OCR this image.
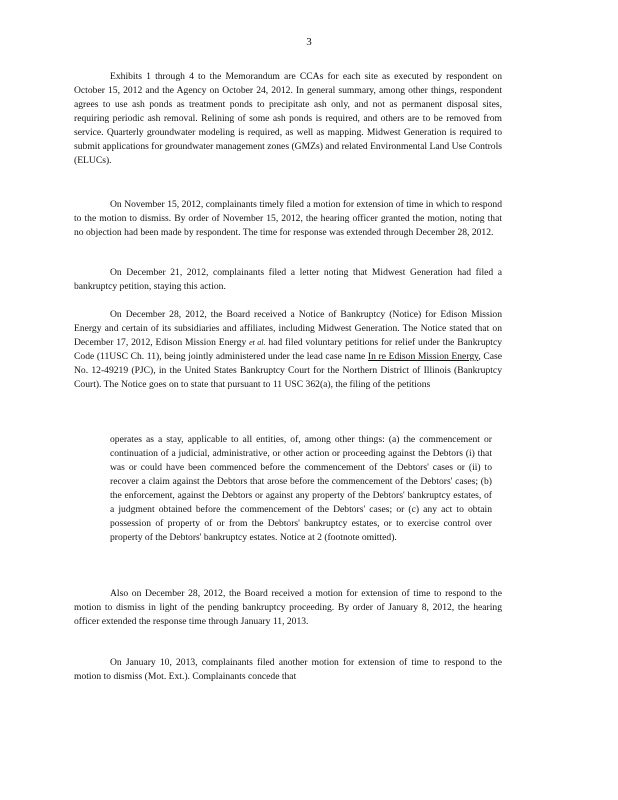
3

Exhibits 1 through 4 to the Memorandum are CCAs for each site as executed by respondent on October 15, 2012 and the Agency on October 24, 2012. In general summary, among other things, respondent agrees to use ash ponds as treatment ponds to precipitate ash only, and not as permanent disposal sites, requiring periodic ash removal. Relining of some ash ponds is required, and others are to be removed from service. Quarterly groundwater modeling is required, as well as mapping. Midwest Generation is required to submit applications for groundwater management zones (GMZs) and related Environmental Land Use Controls (ELUCs).

On November 15, 2012, complainants timely filed a motion for extension of time in which to respond to the motion to dismiss. By order of November 15, 2012, the hearing officer granted the motion, noting that no objection had been made by respondent. The time for response was extended through December 28, 2012.

On December 21, 2012, complainants filed a letter noting that Midwest Generation had filed a bankruptcy petition, staying this action.

On December 28, 2012, the Board received a Notice of Bankruptcy (Notice) for Edison Mission Energy and certain of its subsidiaries and affiliates, including Midwest Generation. The Notice stated that on December 17, 2012, Edison Mission Energy et al. had filed voluntary petitions for relief under the Bankruptcy Code (11USC Ch. 11), being jointly administered under the lead case name In re Edison Mission Energy, Case No. 12-49219 (PJC), in the United States Bankruptcy Court for the Northern District of Illinois (Bankruptcy Court). The Notice goes on to state that pursuant to 11 USC 362(a), the filing of the petitions

operates as a stay, applicable to all entities, of, among other things: (a) the commencement or continuation of a judicial, administrative, or other action or proceeding against the Debtors (i) that was or could have been commenced before the commencement of the Debtors' cases or (ii) to recover a claim against the Debtors that arose before the commencement of the Debtors' cases; (b) the enforcement, against the Debtors or against any property of the Debtors' bankruptcy estates, of a judgment obtained before the commencement of the Debtors' cases; or (c) any act to obtain possession of property of or from the Debtors' bankruptcy estates, or to exercise control over property of the Debtors' bankruptcy estates. Notice at 2 (footnote omitted).

Also on December 28, 2012, the Board received a motion for extension of time to respond to the motion to dismiss in light of the pending bankruptcy proceeding. By order of January 8, 2012, the hearing officer extended the response time through January 11, 2013.

On January 10, 2013, complainants filed another motion for extension of time to respond to the motion to dismiss (Mot. Ext.). Complainants concede that
